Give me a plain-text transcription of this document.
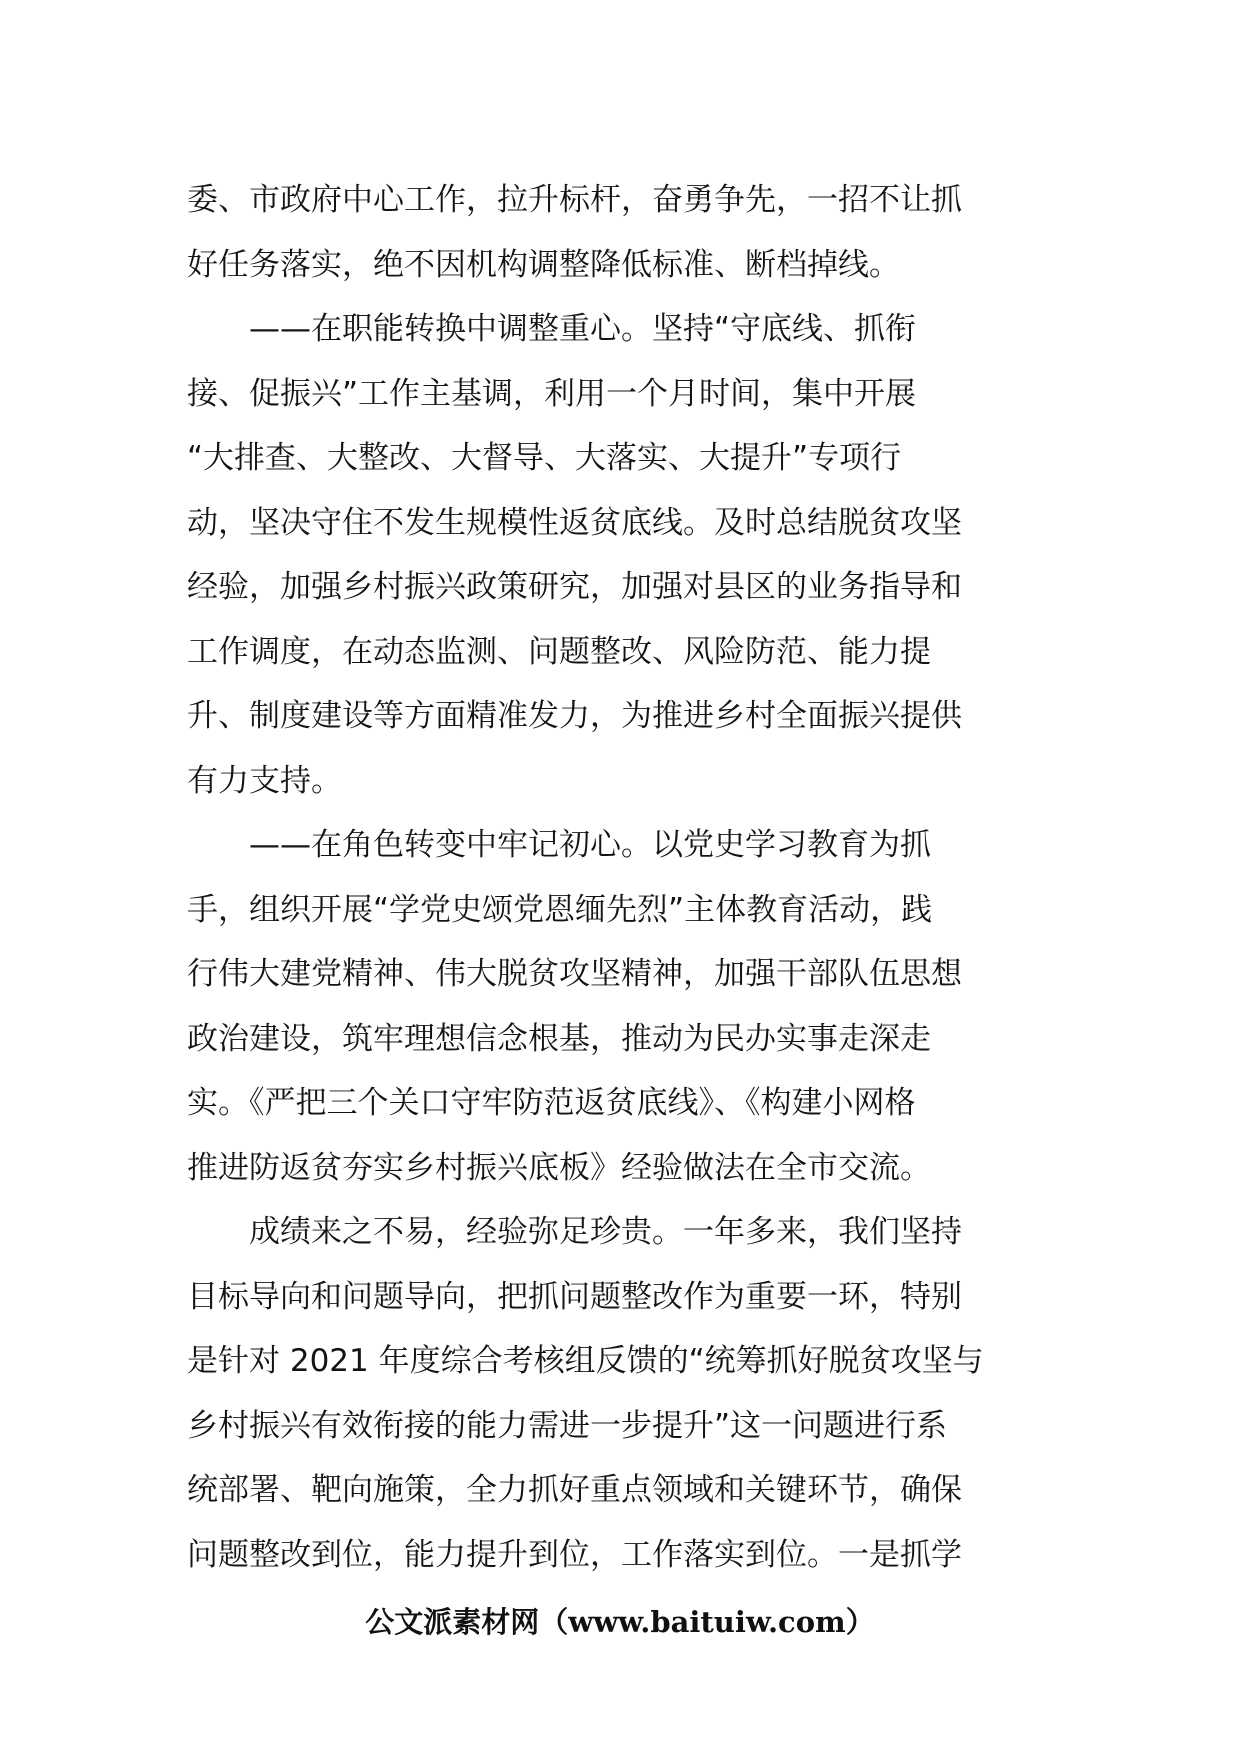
委、市政府中心工作，拉升标杆，奋勇争先，一招不让抓
好任务落实，绝不因机构调整降低标准、断档掉线。
　　——在职能转换中调整重心。坚持“守底线、抓衔
接、促振兴”工作主基调，利用一个月时间，集中开展
“大排查、大整改、大督导、大落实、大提升”专项行
动，坚决守住不发生规模性返贫底线。及时总结脱贫攻坚
经验，加强乡村振兴政策研究，加强对县区的业务指导和
工作调度，在动态监测、问题整改、风险防范、能力提
升、制度建设等方面精准发力，为推进乡村全面振兴提供
有力支持。
　　——在角色转变中牢记初心。以党史学习教育为抓
手，组织开展“学党史颂党恩缅先烈”主体教育活动，践
行伟大建党精神、伟大脱贫攻坚精神，加强干部队伍思想
政治建设，筑牢理想信念根基，推动为民办实事走深走
实。《严把三个关口守牢防范返贫底线》、《构建小网格
推进防返贫夯实乡村振兴底板》经验做法在全市交流。
　　成绩来之不易，经验弥足珍贵。一年多来，我们坚持
目标导向和问题导向，把抓问题整改作为重要一环，特别
是针对 2021 年度综合考核组反馈的“统筹抓好脱贫攻坚与
乡村振兴有效衔接的能力需进一步提升”这一问题进行系
统部署、靶向施策，全力抓好重点领域和关键环节，确保
问题整改到位，能力提升到位，工作落实到位。一是抓学
公文派素材网（www.baituiw.com）
